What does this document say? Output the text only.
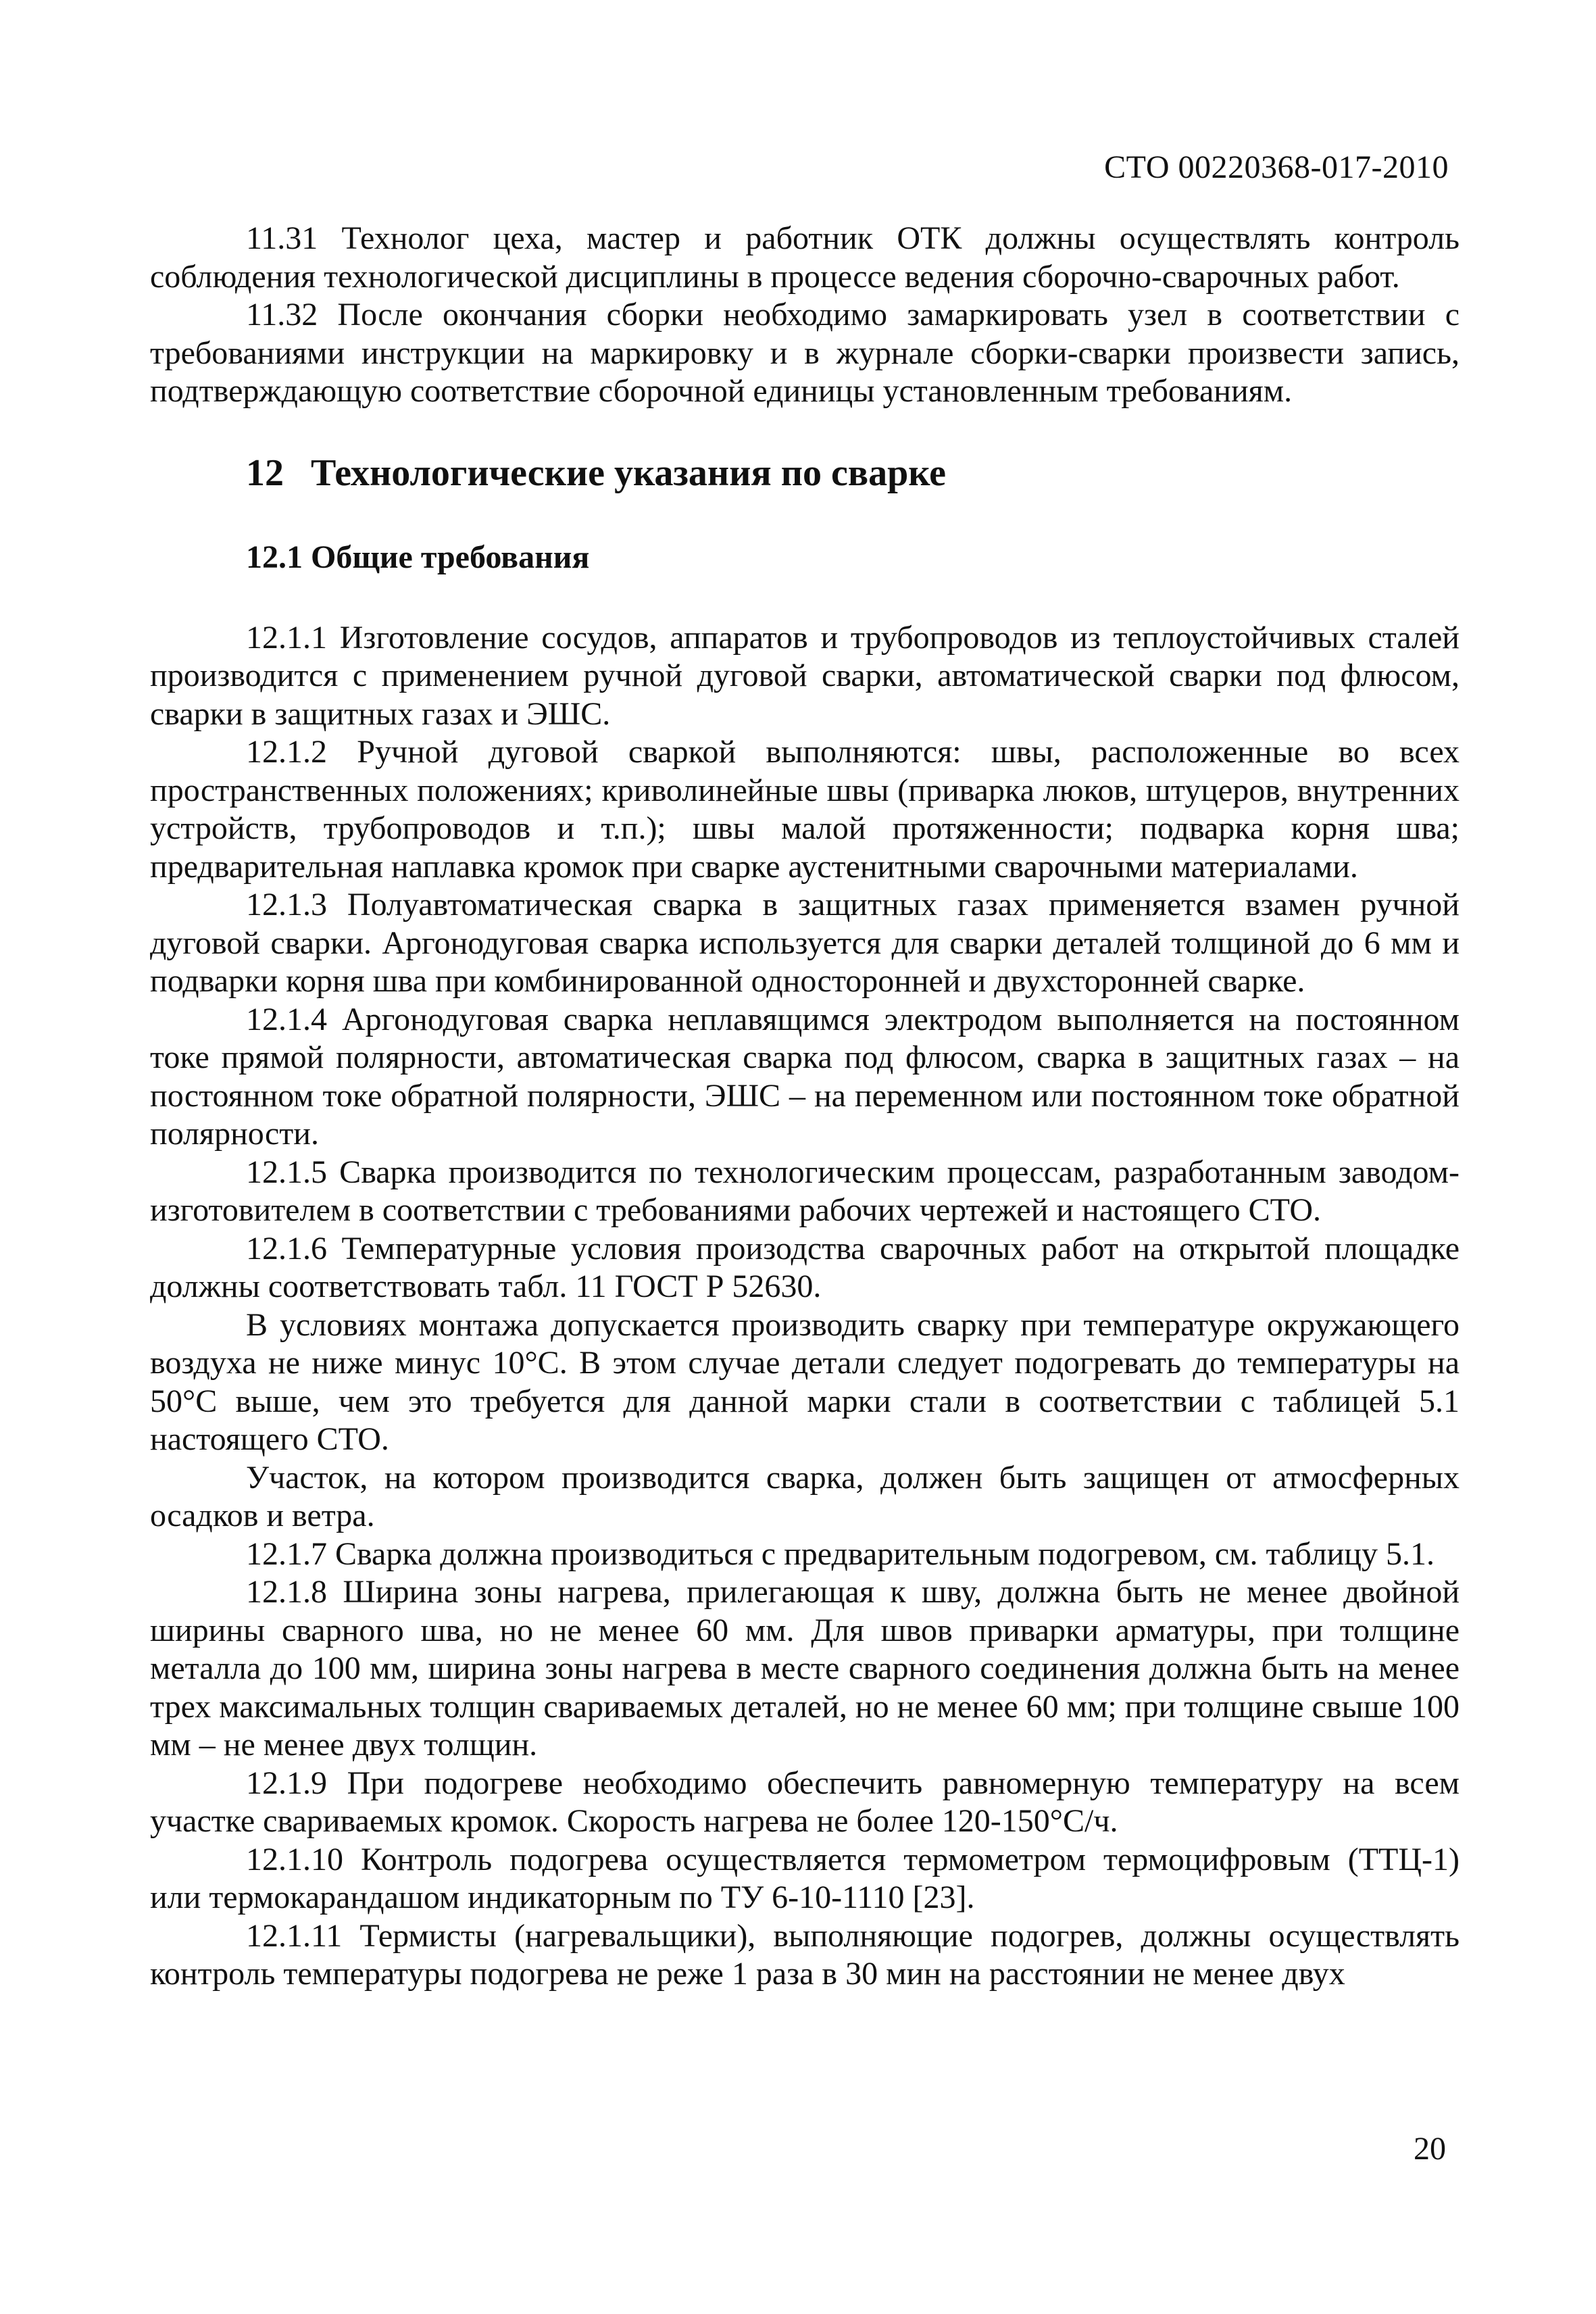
СТО 00220368-017-2010

11.31 Технолог цеха, мастер и работник ОТК должны осуществлять контроль соблюдения технологической дисциплины в процессе ведения сборочно-сварочных работ.

11.32 После окончания сборки необходимо замаркировать узел в соответствии с требованиями инструкции на маркировку и в журнале сборки-сварки произвести запись, подтверждающую соответствие сборочной единицы установленным требованиям.

12 Технологические указания по сварке
12.1 Общие требования

12.1.1 Изготовление сосудов, аппаратов и трубопроводов из теплоустойчивых сталей производится с применением ручной дуговой сварки, автоматической сварки под флюсом, сварки в защитных газах и ЭШС.

12.1.2 Ручной дуговой сваркой выполняются: швы, расположенные во всех пространственных положениях; криволинейные швы (приварка люков, штуцеров, внутренних устройств, трубопроводов и т.п.); швы малой протяженности; подварка корня шва; предварительная наплавка кромок при сварке аустенитными сварочными материалами.

12.1.3 Полуавтоматическая сварка в защитных газах применяется взамен ручной дуговой сварки. Аргонодуговая сварка используется для сварки деталей толщиной до 6 мм и подварки корня шва при комбинированной односторонней и двухсторонней сварке.

12.1.4 Аргонодуговая сварка неплавящимся электродом выполняется на постоянном токе прямой полярности, автоматическая сварка под флюсом, сварка в защитных газах – на постоянном токе обратной полярности, ЭШС – на переменном или постоянном токе обратной полярности.

12.1.5 Сварка производится по технологическим процессам, разработанным заводом-изготовителем в соответствии с требованиями рабочих чертежей и настоящего СТО.

12.1.6 Температурные условия произодства сварочных работ на открытой площадке должны соответствовать табл. 11 ГОСТ Р 52630.

В условиях монтажа допускается производить сварку при температуре окружающего воздуха не ниже минус 10°С. В этом случае детали следует подогревать до температуры на 50°С выше, чем это требуется для данной марки стали в соответствии с таблицей 5.1 настоящего СТО.

Участок, на котором производится сварка, должен быть защищен от атмосферных осадков и ветра.

12.1.7 Сварка должна производиться с предварительным подогревом, см. таблицу 5.1.

12.1.8 Ширина зоны нагрева, прилегающая к шву, должна быть не менее двойной ширины сварного шва, но не менее 60 мм. Для швов приварки арматуры, при толщине металла до 100 мм, ширина зоны нагрева в месте сварного соединения должна быть на менее трех максимальных толщин свариваемых деталей, но не менее 60 мм; при толщине свыше 100 мм – не менее двух толщин.

12.1.9 При подогреве необходимо обеспечить равномерную температуру на всем участке свариваемых кромок. Скорость нагрева не более 120-150°С/ч.

12.1.10 Контроль подогрева осуществляется термометром термоцифровым (ТТЦ-1) или термокарандашом индикаторным по ТУ 6-10-1110 [23].

12.1.11 Термисты (нагревальщики), выполняющие подогрев, должны осуществлять контроль температуры подогрева не реже 1 раза в 30 мин на расстоянии не менее двух

20
